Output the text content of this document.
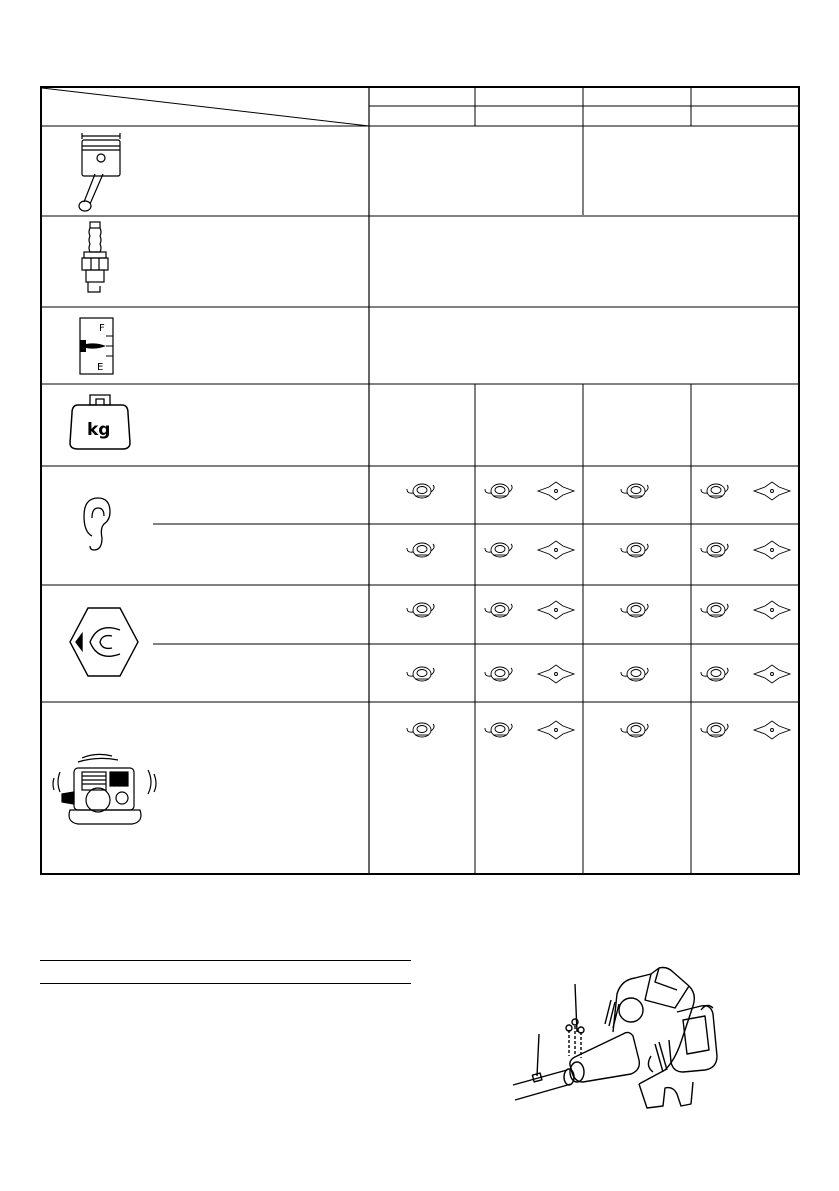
F
E
kg
